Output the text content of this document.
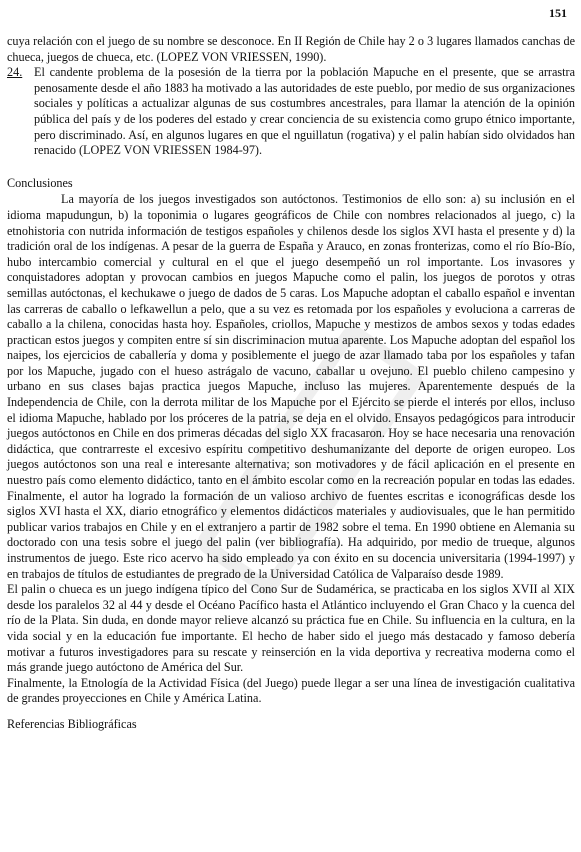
151

cuya relación con el juego de su nombre se desconoce. En II Región de Chile hay 2 o 3 lugares llamados canchas de chueca, juegos de chueca, etc. (LOPEZ VON VRIESSEN, 1990).

24. El candente problema de la posesión de la tierra por la población Mapuche en el presente, que se arrastra penosamente desde el año 1883 ha motivado a las autoridades de este pueblo, por medio de sus organizaciones sociales y políticas a actualizar algunas de sus costumbres ancestrales, para llamar la atención de la opinión pública del país y de los poderes del estado y crear conciencia de su existencia como grupo étnico importante, pero discriminado. Así, en algunos lugares en que el nguillatun (rogativa) y el palin habían sido olvidados han renacido (LOPEZ VON VRIESSEN 1984-97).

Conclusiones

La mayoría de los juegos investigados son autóctonos. Testimonios de ello son: a) su inclusión en el idioma mapudungun, b) la toponimia o lugares geográficos de Chile con nombres relacionados al juego, c) la etnohistoria con nutrida información de testigos españoles y chilenos desde los siglos XVI hasta el presente y d) la tradición oral de los indígenas. A pesar de la guerra de España y Arauco, en zonas fronterizas, como el río Bío-Bío, hubo intercambio comercial y cultural en el que el juego desempeñó un rol importante. Los invasores y conquistadores adoptan y provocan cambios en juegos Mapuche como el palin, los juegos de porotos y otras semillas autóctonas, el kechukawe o juego de dados de 5 caras. Los Mapuche adoptan el caballo español e inventan las carreras de caballo o lefkawellun a pelo, que a su vez es retomada por los españoles y evoluciona a carreras de caballo a la chilena, conocidas hasta hoy. Españoles, criollos, Mapuche y mestizos de ambos sexos y todas edades practican estos juegos y compiten entre sí sin discriminacion mutua aparente. Los Mapuche adoptan del español los naipes, los ejercicios de caballería y doma y posiblemente el juego de azar llamado taba por los españoles y tafan por los Mapuche, jugado con el hueso astrágalo de vacuno, caballar u ovejuno. El pueblo chileno campesino y urbano en sus clases bajas practica juegos Mapuche, incluso las mujeres. Aparentemente después de la Independencia de Chile, con la derrota militar de los Mapuche por el Ejército se pierde el interés por ellos, incluso el idioma Mapuche, hablado por los próceres de la patria, se deja en el olvido. Ensayos pedagógicos para introducir juegos autóctonos en Chile en dos primeras décadas del siglo XX fracasaron. Hoy se hace necesaria una renovación didáctica, que contrarreste el excesivo espíritu competitivo deshumanizante del deporte de origen europeo. Los juegos autóctonos son una real e interesante alternativa; son motivadores y de fácil aplicación en el presente en nuestro país como elemento didáctico, tanto en el ámbito escolar como en la recreación popular en todas las edades. Finalmente, el autor ha logrado la formación de un valioso archivo de fuentes escritas e iconográficas desde los siglos XVI hasta el XX, diario etnográfico y elementos didácticos materiales y audiovisuales, que le han permitido publicar varios trabajos en Chile y en el extranjero a partir de 1982 sobre el tema. En 1990 obtiene en Alemania su doctorado con una tesis sobre el juego del palin (ver bibliografía). Ha adquirido, por medio de trueque, algunos instrumentos de juego. Este rico acervo ha sido empleado ya con éxito en su docencia universitaria (1994-1997) y en trabajos de títulos de estudiantes de pregrado de la Universidad Católica de Valparaíso desde 1989.

El palin o chueca es un juego indígena típico del Cono Sur de Sudamérica, se practicaba en los siglos XVII al XIX desde los paralelos 32 al 44 y desde el Océano Pacífico hasta el Atlántico incluyendo el Gran Chaco y la cuenca del río de la Plata. Sin duda, en donde mayor relieve alcanzó su práctica fue en Chile. Su influencia en la cultura, en la vida social y en la educación fue importante. El hecho de haber sido el juego más destacado y famoso debería motivar a futuros investigadores para su rescate y reinserción en la vida deportiva y recreativa moderna como el más grande juego autóctono de América del Sur.

Finalmente, la Etnología de la Actividad Física (del Juego) puede llegar a ser una línea de investigación cualitativa de grandes proyecciones en Chile y América Latina.

Referencias Bibliográficas
